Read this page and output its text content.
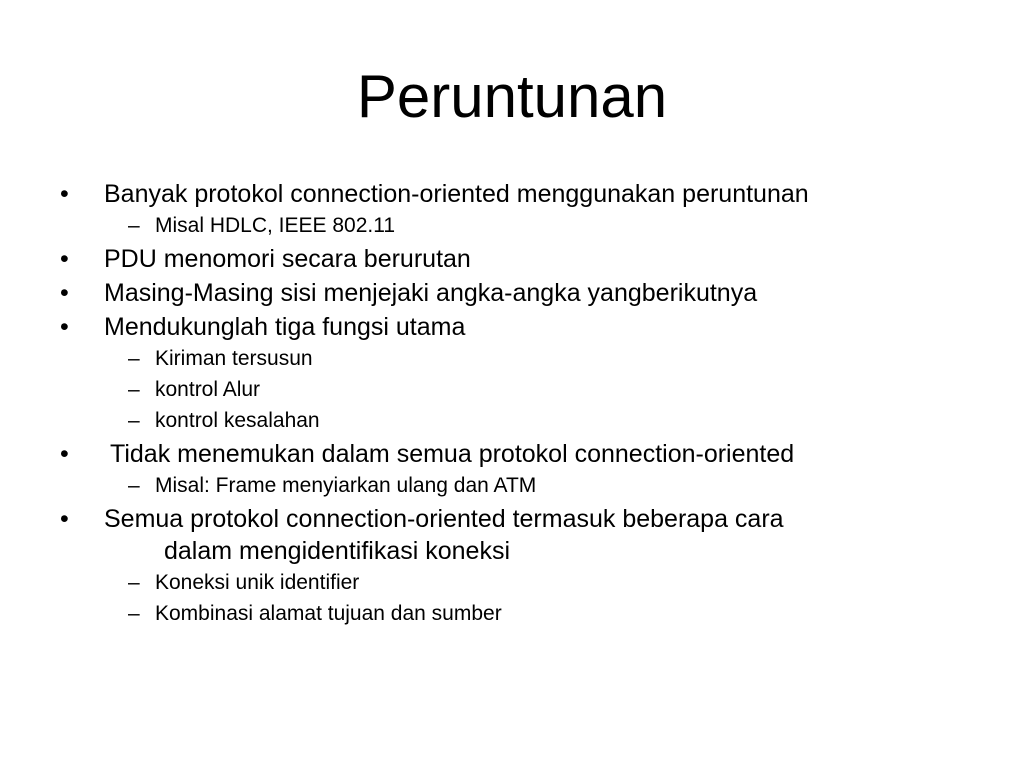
Peruntunan
• Banyak protokol connection-oriented menggunakan peruntunan
– Misal HDLC, IEEE 802.11
• PDU menomori secara berurutan
• Masing-Masing sisi menjejaki angka-angka yangberikutnya
• Mendukunglah tiga fungsi utama
– Kiriman tersusun
– kontrol Alur
– kontrol kesalahan
• Tidak menemukan dalam semua protokol connection-oriented
– Misal: Frame menyiarkan ulang dan ATM
• Semua protokol connection-oriented termasuk beberapa cara
dalam mengidentifikasi koneksi
– Koneksi unik identifier
– Kombinasi alamat tujuan dan sumber
